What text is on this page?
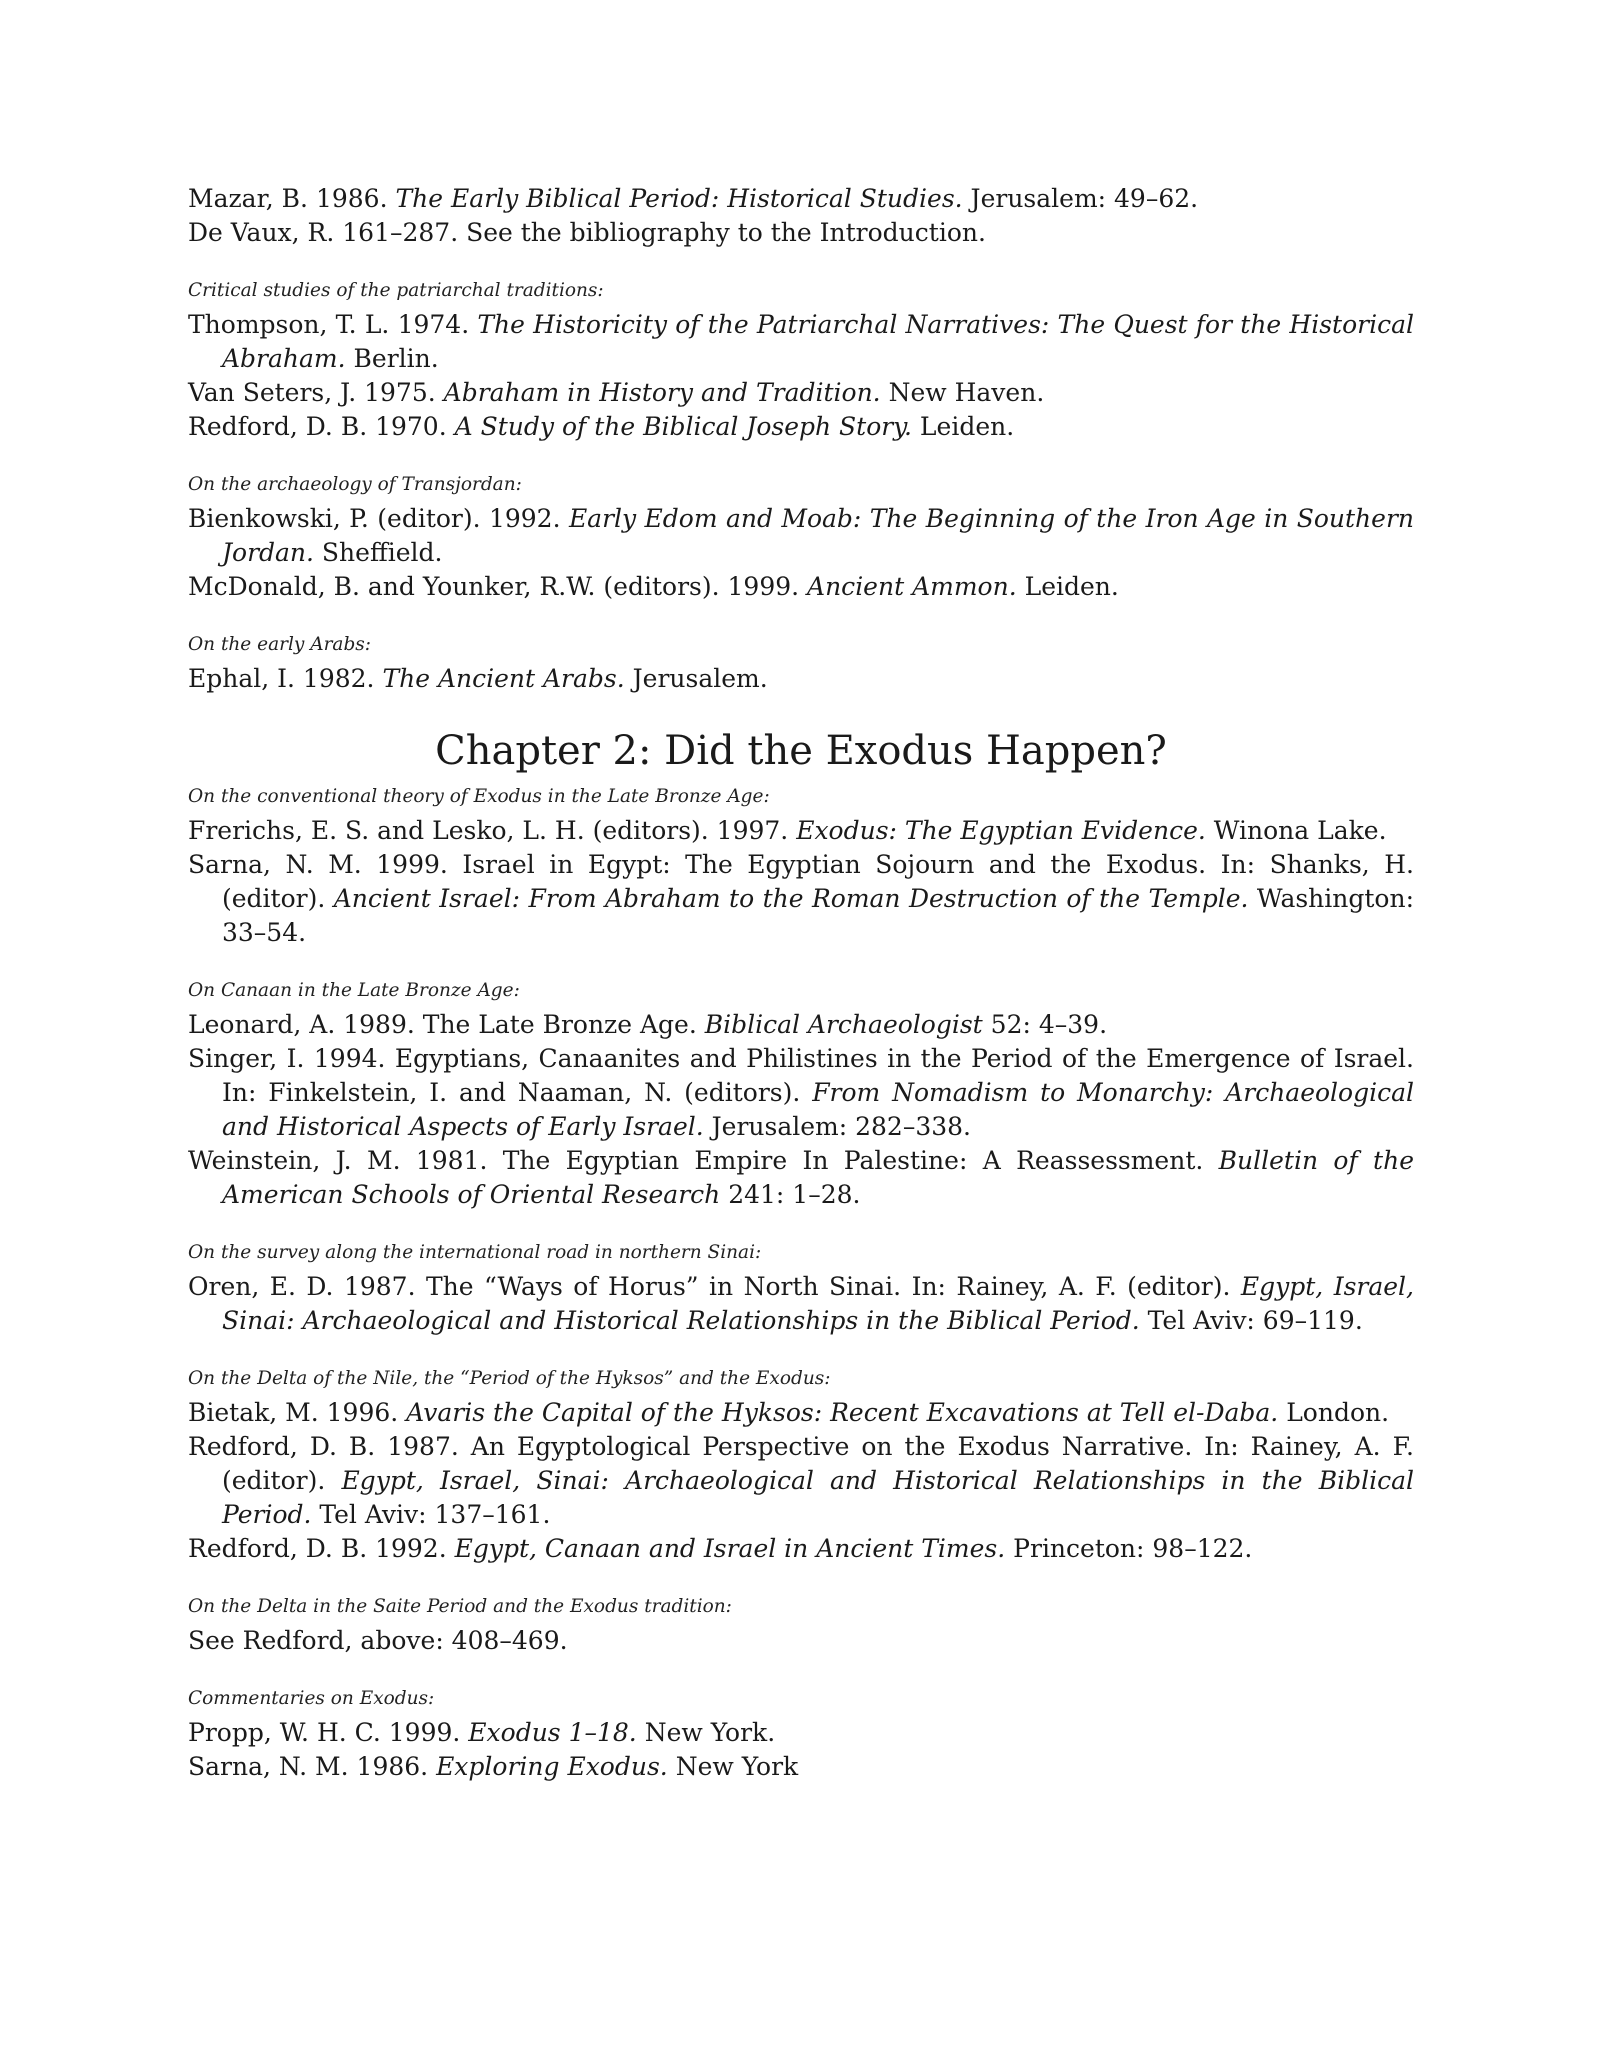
Mazar, B. 1986. The Early Biblical Period: Historical Studies. Jerusalem: 49–62.
De Vaux, R. 161–287. See the bibliography to the Introduction.
Critical studies of the patriarchal traditions:
Thompson, T. L. 1974. The Historicity of the Patriarchal Narratives: The Quest for the Historical Abraham. Berlin.
Van Seters, J. 1975. Abraham in History and Tradition. New Haven.
Redford, D. B. 1970. A Study of the Biblical Joseph Story. Leiden.
On the archaeology of Transjordan:
Bienkowski, P. (editor). 1992. Early Edom and Moab: The Beginning of the Iron Age in Southern Jordan. Sheffield.
McDonald, B. and Younker, R.W. (editors). 1999. Ancient Ammon. Leiden.
On the early Arabs:
Ephal, I. 1982. The Ancient Arabs. Jerusalem.
Chapter 2: Did the Exodus Happen?
On the conventional theory of Exodus in the Late Bronze Age:
Frerichs, E. S. and Lesko, L. H. (editors). 1997. Exodus: The Egyptian Evidence. Winona Lake.
Sarna, N. M. 1999. Israel in Egypt: The Egyptian Sojourn and the Exodus. In: Shanks, H. (editor). Ancient Israel: From Abraham to the Roman Destruction of the Temple. Washington: 33–54.
On Canaan in the Late Bronze Age:
Leonard, A. 1989. The Late Bronze Age. Biblical Archaeologist 52: 4–39.
Singer, I. 1994. Egyptians, Canaanites and Philistines in the Period of the Emergence of Israel. In: Finkelstein, I. and Naaman, N. (editors). From Nomadism to Monarchy: Archaeological and Historical Aspects of Early Israel. Jerusalem: 282–338.
Weinstein, J. M. 1981. The Egyptian Empire In Palestine: A Reassessment. Bulletin of the American Schools of Oriental Research 241: 1–28.
On the survey along the international road in northern Sinai:
Oren, E. D. 1987. The “Ways of Horus” in North Sinai. In: Rainey, A. F. (editor). Egypt, Israel, Sinai: Archaeological and Historical Relationships in the Biblical Period. Tel Aviv: 69–119.
On the Delta of the Nile, the “Period of the Hyksos” and the Exodus:
Bietak, M. 1996. Avaris the Capital of the Hyksos: Recent Excavations at Tell el-Daba. London.
Redford, D. B. 1987. An Egyptological Perspective on the Exodus Narrative. In: Rainey, A. F. (editor). Egypt, Israel, Sinai: Archaeological and Historical Relationships in the Biblical Period. Tel Aviv: 137–161.
Redford, D. B. 1992. Egypt, Canaan and Israel in Ancient Times. Princeton: 98–122.
On the Delta in the Saite Period and the Exodus tradition:
See Redford, above: 408–469.
Commentaries on Exodus:
Propp, W. H. C. 1999. Exodus 1–18. New York.
Sarna, N. M. 1986. Exploring Exodus. New York
